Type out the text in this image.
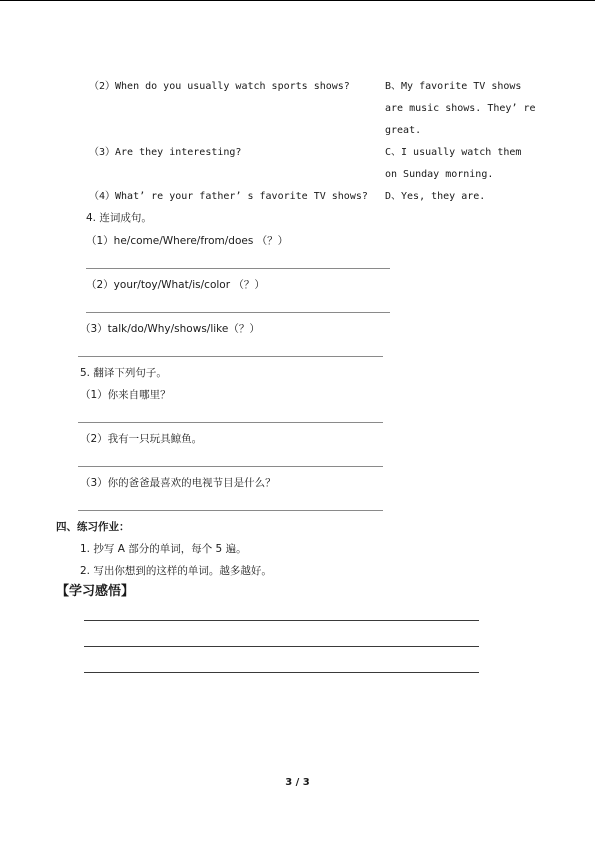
（2）When do you usually watch sports shows?
（3）Are they interesting?
（4）What’ re your father’ s favorite TV shows?
B、My favorite TV shows
are music shows. They’ re
great.
C、I usually watch them
on Sunday morning.
D、Yes, they are.
4. 连词成句。
（1）he/come/Where/from/does （？）
（2）your/toy/What/is/color （？）
（3）talk/do/Why/shows/like（？）
5. 翻译下列句子。
（1）你来自哪里？
（2）我有一只玩具鲸鱼。
（3）你的爸爸最喜欢的电视节目是什么？
四、练习作业：
1. 抄写 A 部分的单词，每个 5 遍。
2. 写出你想到的这样的单词。越多越好。
【学习感悟】
3 / 3
